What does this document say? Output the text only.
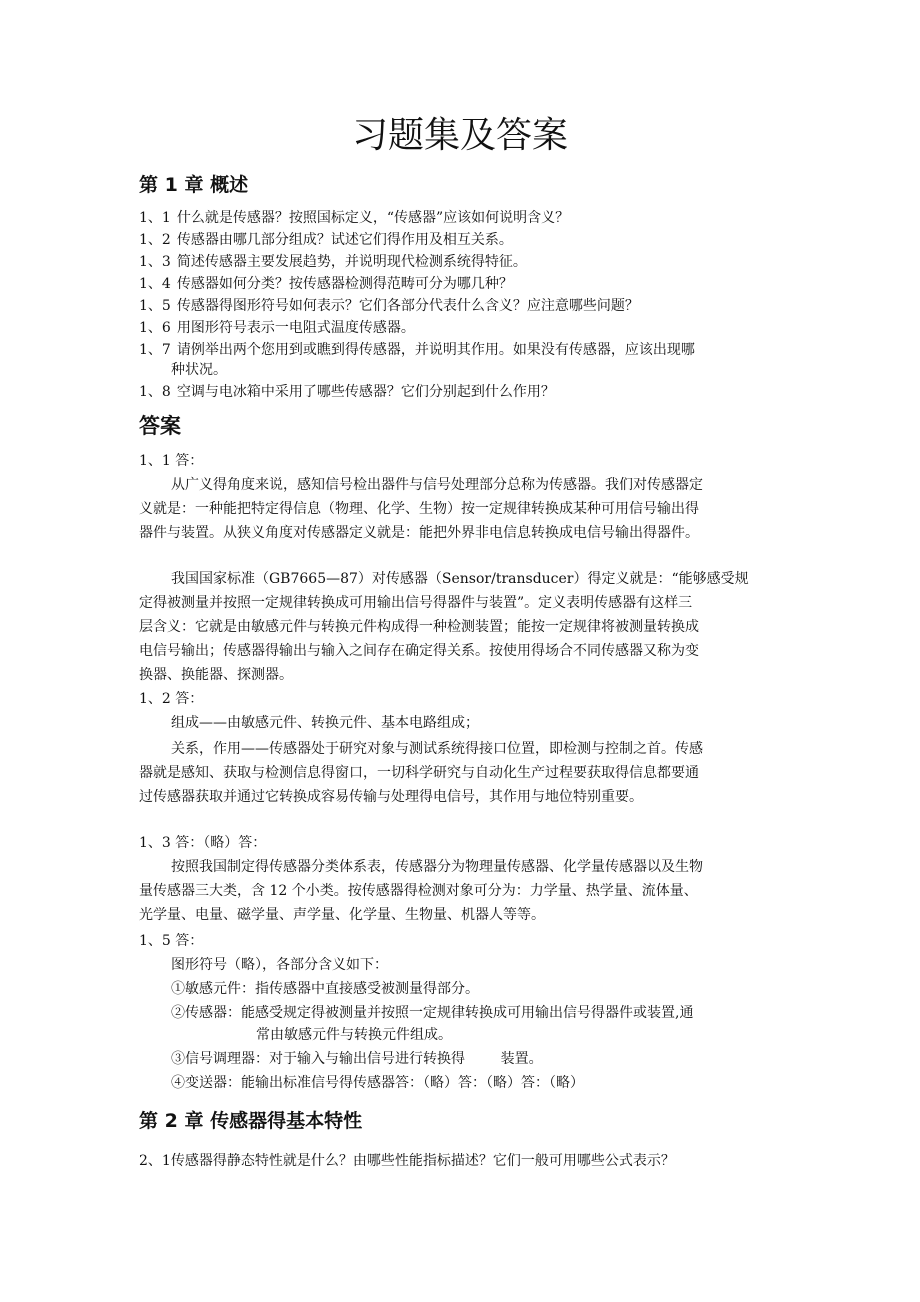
习题集及答案
第 1 章 概述
1、1 什么就是传感器？按照国标定义，“传感器”应该如何说明含义？
1、2 传感器由哪几部分组成？试述它们得作用及相互关系。
1、3 简述传感器主要发展趋势，并说明现代检测系统得特征。
1、4 传感器如何分类？按传感器检测得范畴可分为哪几种？
1、5 传感器得图形符号如何表示？它们各部分代表什么含义？应注意哪些问题？
1、6 用图形符号表示一电阻式温度传感器。
1、7 请例举出两个您用到或瞧到得传感器，并说明其作用。如果没有传感器，应该出现哪
种状况。
1、8 空调与电冰箱中采用了哪些传感器？它们分别起到什么作用？
答案
1、1 答：
从广义得角度来说，感知信号检出器件与信号处理部分总称为传感器。我们对传感器定
义就是：一种能把特定得信息（物理、化学、生物）按一定规律转换成某种可用信号输出得
器件与装置。从狭义角度对传感器定义就是：能把外界非电信息转换成电信号输出得器件。
我国国家标准（GB7665—87）对传感器（Sensor/transducer）得定义就是：“能够感受规
定得被测量并按照一定规律转换成可用输出信号得器件与装置”。定义表明传感器有这样三
层含义：它就是由敏感元件与转换元件构成得一种检测装置；能按一定规律将被测量转换成
电信号输出；传感器得输出与输入之间存在确定得关系。按使用得场合不同传感器又称为变
换器、换能器、探测器。
1、2 答：
组成——由敏感元件、转换元件、基本电路组成；
关系，作用——传感器处于研究对象与测试系统得接口位置，即检测与控制之首。传感
器就是感知、获取与检测信息得窗口，一切科学研究与自动化生产过程要获取得信息都要通
过传感器获取并通过它转换成容易传输与处理得电信号，其作用与地位特别重要。
1、3 答：（略）答：
按照我国制定得传感器分类体系表，传感器分为物理量传感器、化学量传感器以及生物
量传感器三大类，含 12 个小类。按传感器得检测对象可分为：力学量、热学量、流体量、
光学量、电量、磁学量、声学量、化学量、生物量、机器人等等。
1、5 答：
图形符号（略），各部分含义如下：
①敏感元件：指传感器中直接感受被测量得部分。
②传感器：能感受规定得被测量并按照一定规律转换成可用输出信号得器件或装置,通
常由敏感元件与转换元件组成。
③信号调理器：对于输入与输出信号进行转换得        装置。
④变送器：能输出标准信号得传感器答：（略）答：（略）答：（略）
第 2 章 传感器得基本特性
2、1传感器得静态特性就是什么？由哪些性能指标描述？它们一般可用哪些公式表示？
